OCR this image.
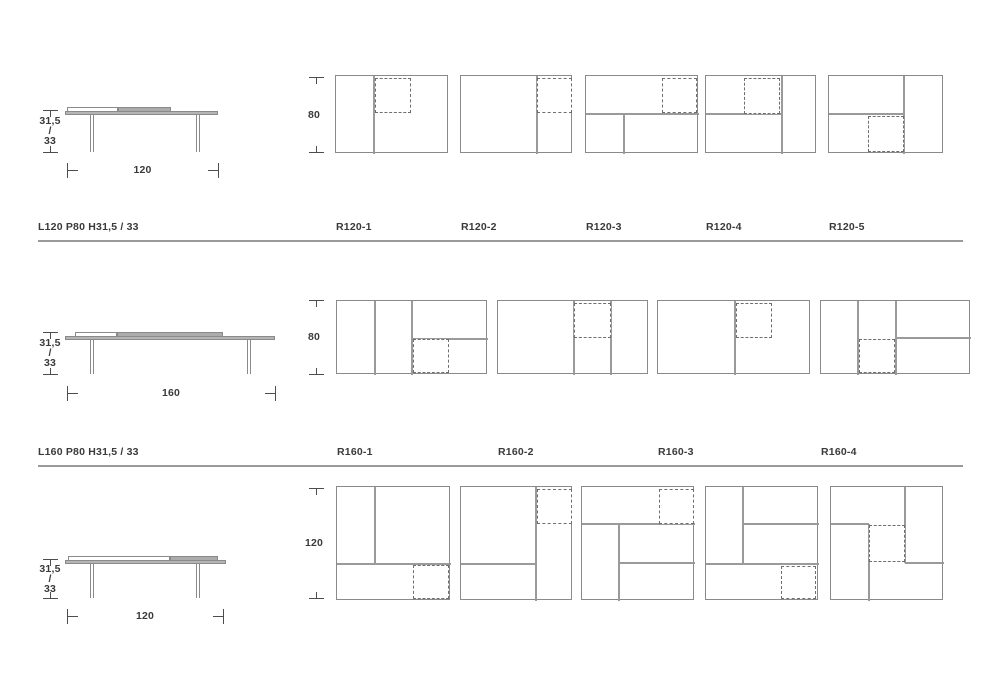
31,5
/
33
120
80
R120-1	R120-2	R120-3	R120-4	R120-5
L120 P80 H31,5 / 33
31,5
/
33
160
80
R160-1	R160-2	R160-3	R160-4
L160 P80 H31,5 / 33
31,5
/
33
120
120
